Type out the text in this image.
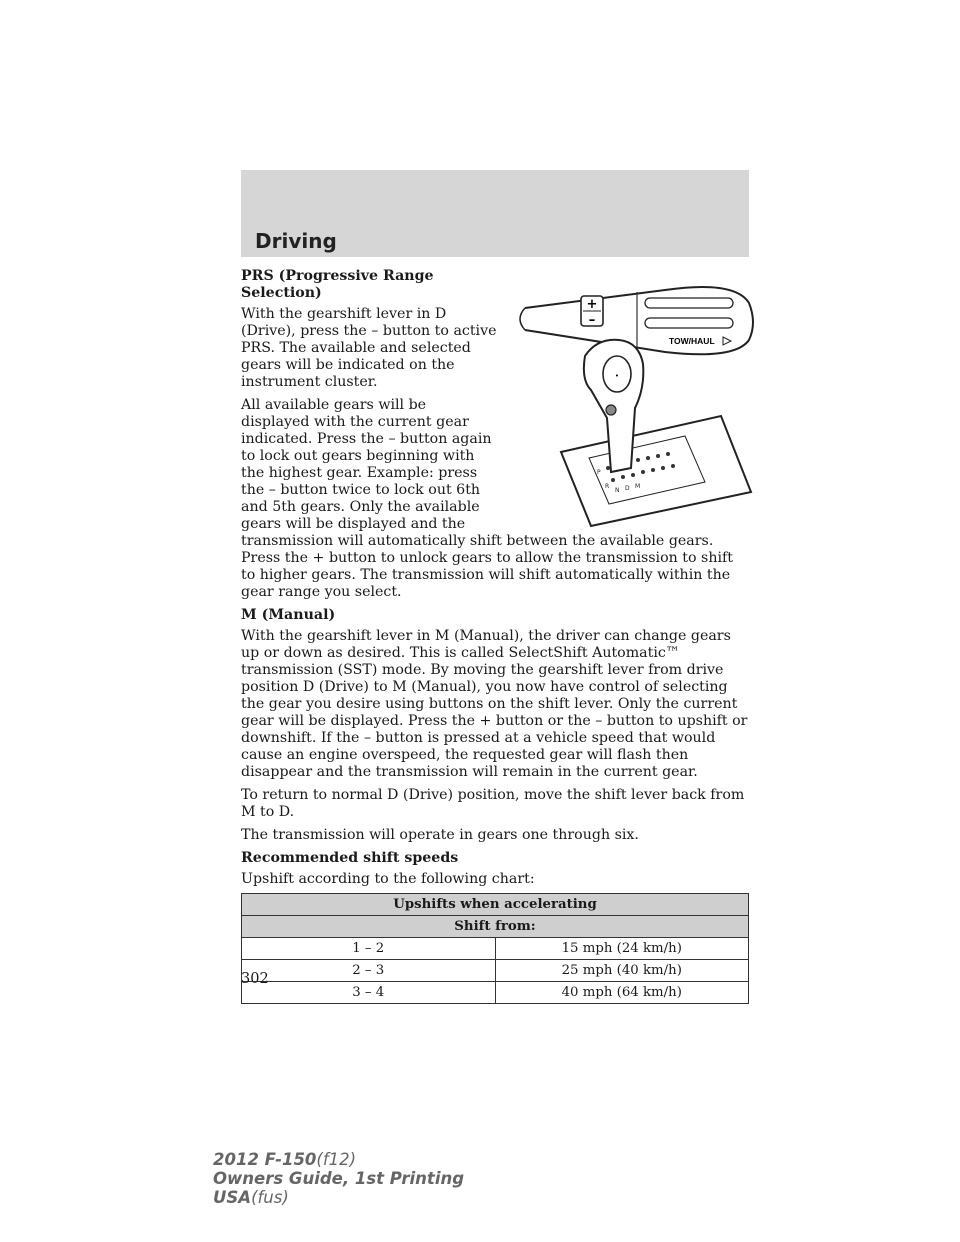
Driving
+
–
TOW/HAUL
P
R
N D M
•
PRS (Progressive Range Selection)

With the gearshift lever in D (Drive), press the – button to active PRS. The available and selected gears will be indicated on the instrument cluster.

All available gears will be displayed with the current gear indicated. Press the – button again to lock out gears beginning with the highest gear. Example: press the – button twice to lock out 6th and 5th gears. Only the available gears will be displayed and the transmission will automatically shift between the available gears. Press the + button to unlock gears to allow the transmission to shift to higher gears. The transmission will shift automatically within the gear range you select.

M (Manual)

With the gearshift lever in M (Manual), the driver can change gears up or down as desired. This is called SelectShift Automatic™ transmission (SST) mode. By moving the gearshift lever from drive position D (Drive) to M (Manual), you now have control of selecting the gear you desire using buttons on the shift lever. Only the current gear will be displayed. Press the + button or the – button to upshift or downshift. If the – button is pressed at a vehicle speed that would cause an engine overspeed, the requested gear will flash then disappear and the transmission will remain in the current gear.

To return to normal D (Drive) position, move the shift lever back from M to D.

The transmission will operate in gears one through six.

Recommended shift speeds

Upshift according to the following chart:

Upshifts when accelerating	
Shift from:	
1 – 2	15 mph (24 km/h)
2 – 3	25 mph (40 km/h)
3 – 4	40 mph (64 km/h)
302
2012 F-150(f12)
Owners Guide, 1st Printing
USA(fus)
